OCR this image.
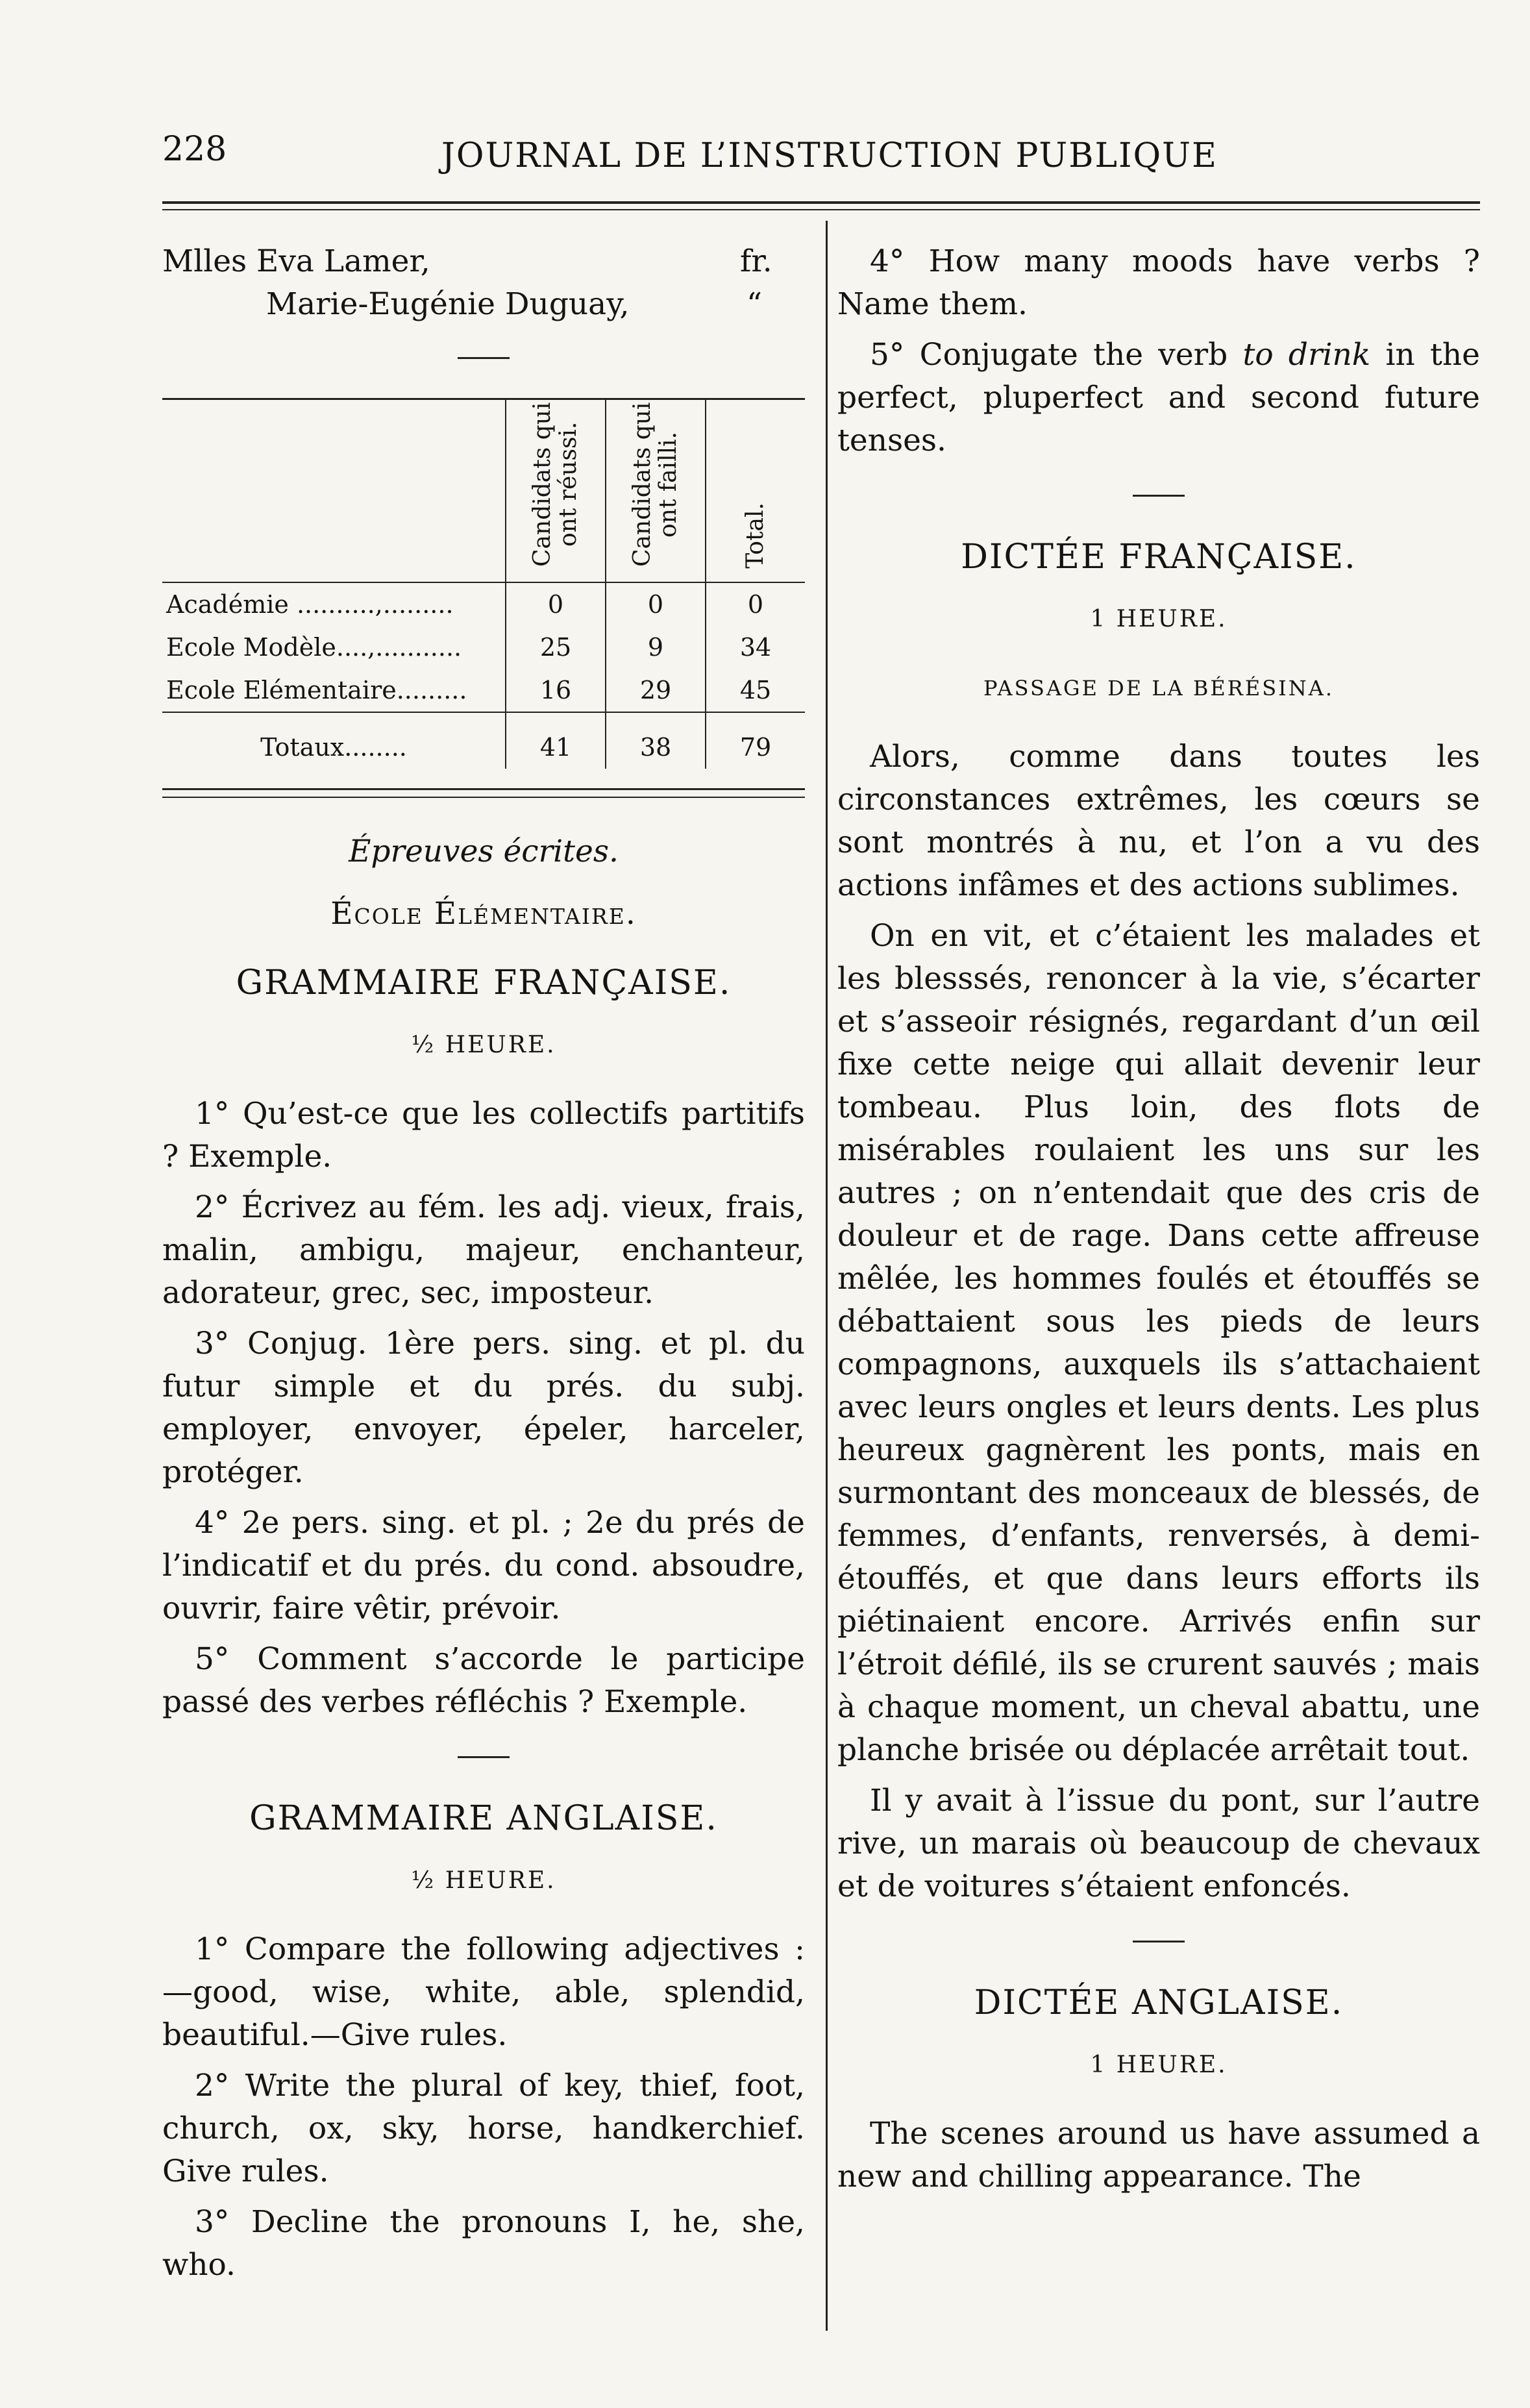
228	JOURNAL DE L’INSTRUCTION PUBLIQUE
Mlles Eva Lamer,	fr.
Marie-Eugénie Duguay,	“
	Candidats qui ont réussi.	Candidats qui ont failli.	Total.
Académie ..........,.........	0	0	0
Ecole Modèle....,...........	25	9	34
Ecole Elémentaire.........	16	29	45
Totaux........	41	38	79

Épreuves écrites.

École Élémentaire.

GRAMMAIRE FRANÇAISE.
½ HEURE.

1° Qu’est-ce que les collectifs partitifs ? Exemple.

2° Écrivez au fém. les adj. vieux, frais, malin, ambigu, majeur, enchanteur, adorateur, grec, sec, imposteur.

3° Conjug. 1ère pers. sing. et pl. du futur simple et du prés. du subj. employer, envoyer, épeler, harceler, protéger.

4° 2e pers. sing. et pl. ; 2e du prés de l’indicatif et du prés. du cond. absoudre, ouvrir, faire vêtir, prévoir.

5° Comment s’accorde le participe passé des verbes réfléchis ? Exemple.

GRAMMAIRE ANGLAISE.
½ HEURE.

1° Compare the following adjectives : —good, wise, white, able, splendid, beautiful.—Give rules.

2° Write the plural of key, thief, foot, church, ox, sky, horse, handkerchief. Give rules.

3° Decline the pronouns I, he, she, who.

4° How many moods have verbs ? Name them.

5° Conjugate the verb to drink in the perfect, pluperfect and second future tenses.

DICTÉE FRANÇAISE.
1 HEURE.
PASSAGE DE LA BÉRÉSINA.

Alors, comme dans toutes les circonstances extrêmes, les cœurs se sont montrés à nu, et l’on a vu des actions infâmes et des actions sublimes.

On en vit, et c’étaient les malades et les blesssés, renoncer à la vie, s’écarter et s’asseoir résignés, regardant d’un œil fixe cette neige qui allait devenir leur tombeau. Plus loin, des flots de misérables roulaient les uns sur les autres ; on n’entendait que des cris de douleur et de rage. Dans cette affreuse mêlée, les hommes foulés et étouffés se débattaient sous les pieds de leurs compagnons, auxquels ils s’attachaient avec leurs ongles et leurs dents. Les plus heureux gagnèrent les ponts, mais en surmontant des monceaux de blessés, de femmes, d’enfants, renversés, à demi-étouffés, et que dans leurs efforts ils piétinaient encore. Arrivés enfin sur l’étroit défilé, ils se crurent sauvés ; mais à chaque moment, un cheval abattu, une planche brisée ou déplacée arrêtait tout.

Il y avait à l’issue du pont, sur l’autre rive, un marais où beaucoup de chevaux et de voitures s’étaient enfoncés.

DICTÉE ANGLAISE.
1 HEURE.

The scenes around us have assumed a new and chilling appearance. The
